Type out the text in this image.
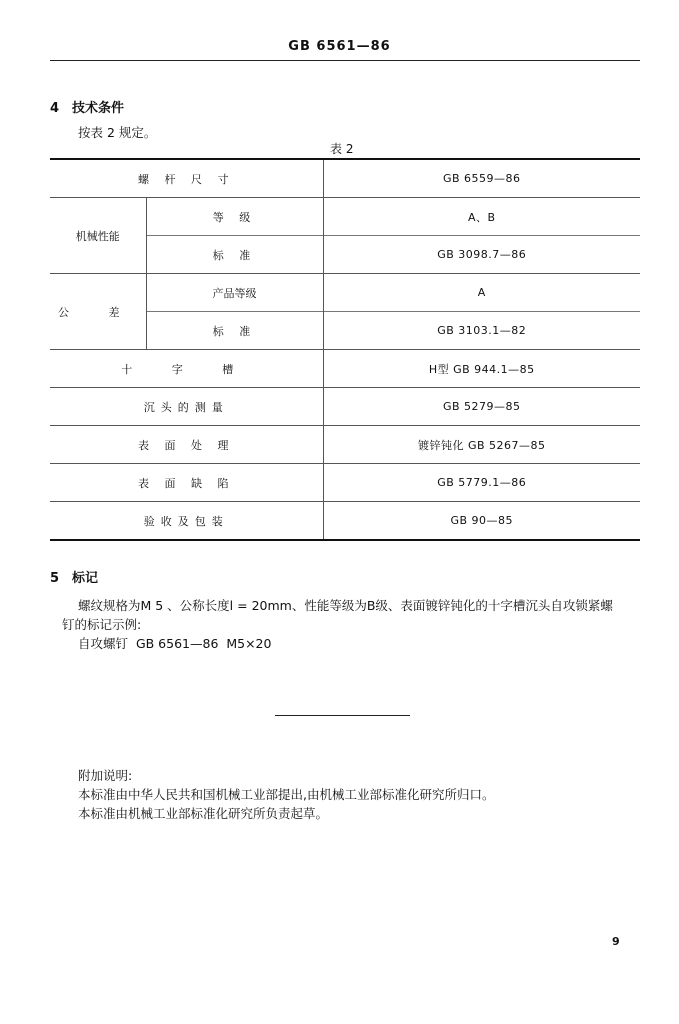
GB 6561—86
4 技术条件
按表 2 规定。
表 2
螺 杆 尺 寸		GB 6559—86
机械性能	等 级	A、B
	标 准	GB 3098.7—86
公 差	产品等级	A
	标 准	GB 3103.1—82
十 字 槽		H型 GB 944.1—85
沉头的测量		GB 5279—85
表 面 处 理		镀锌钝化 GB 5267—85
表 面 缺 陷		GB 5779.1—86
验收及包装		GB 90—85
5 标记
螺纹规格为M 5 、公称长度l = 20mm、性能等级为B级、表面镀锌钝化的十字槽沉头自攻锁紧螺
钉的标记示例:
自攻螺钉  GB 6561—86  M5×20
附加说明:
本标准由中华人民共和国机械工业部提出,由机械工业部标准化研究所归口。
本标准由机械工业部标准化研究所负责起草。
9
